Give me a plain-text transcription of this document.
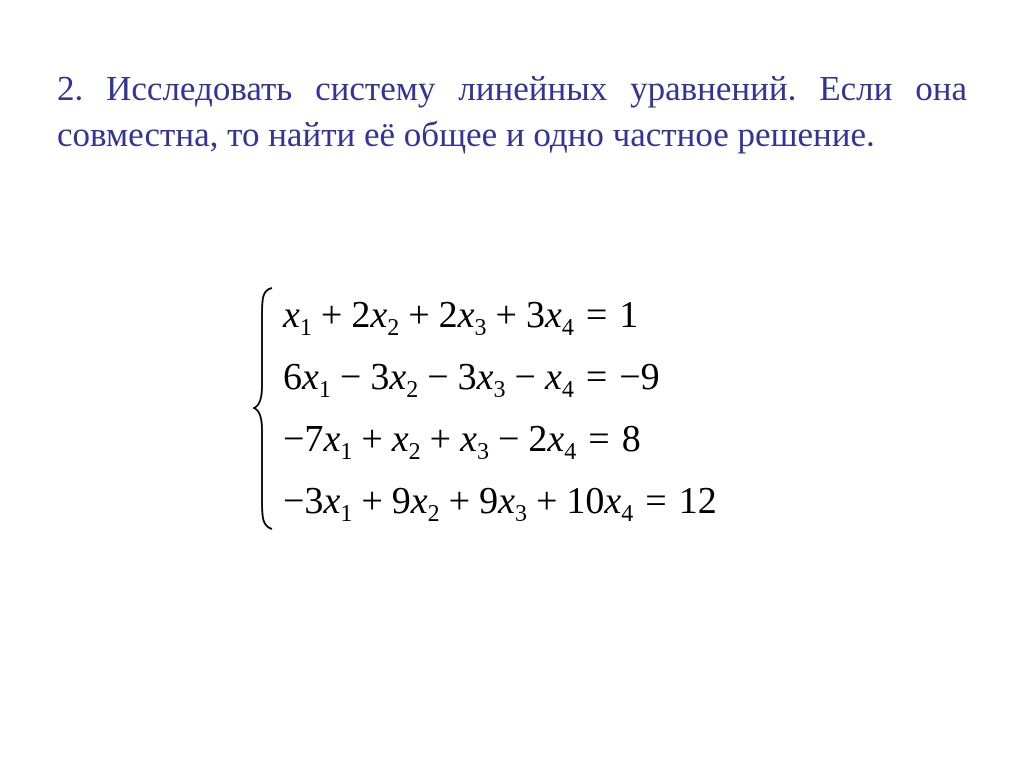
2. Исследовать систему линейных уравнений. Если она совместна, то найти её общее и одно частное решение.

$x_1 + 2x_2 + 2x_3 + 3x_4 = 1$
$6x_1 - 3x_2 - 3x_3 - x_4 = -9$
$-7x_1 + x_2 + x_3 - 2x_4 = 8$
$-3x_1 + 9x_2 + 9x_3 + 10x_4 = 12$
